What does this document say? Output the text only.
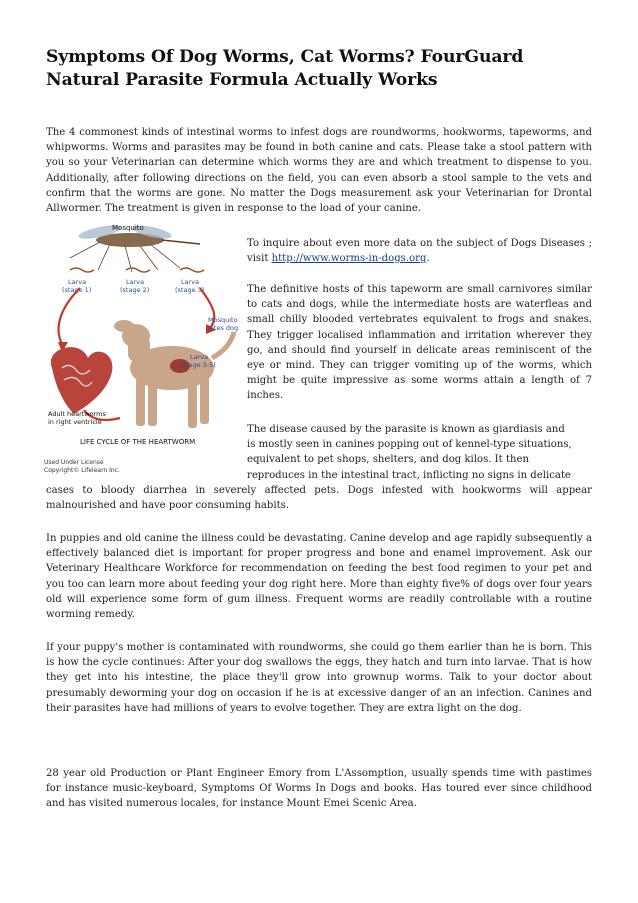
Symptoms Of Dog Worms, Cat Worms? FourGuard Natural Parasite Formula Actually Works

The 4 commonest kinds of intestinal worms to infest dogs are roundworms, hookworms, tapeworms, and whipworms. Worms and parasites may be found in both canine and cats. Please take a stool pattern with you so your Veterinarian can determine which worms they are and which treatment to dispense to you. Additionally, after following directions on the field, you can even absorb a stool sample to the vets and confirm that the worms are gone. No matter the Dogs measurement ask your Veterinarian for Drontal Allwormer. The treatment is given in response to the load of your canine.

Mosquito
Larva
(stage 1)
Larva
(stage 2)
Larva
(stage 3)
Mosquito
bites dog
Larva
(stage 3-5)
Adult heartworms
in right ventricle
LIFE CYCLE OF THE HEARTWORM
Used Under License
Copyright© Lifelearn Inc.

To inquire about even more data on the subject of Dogs Diseases ; visit http://www.worms-in-dogs.org.

The definitive hosts of this tapeworm are small carnivores similar to cats and dogs, while the intermediate hosts are waterfleas and small chilly blooded vertebrates equivalent to frogs and snakes. They trigger localised inflammation and irritation wherever they go, and should find yourself in delicate areas reminiscent of the eye or mind. They can trigger vomiting up of the worms, which might be quite impressive as some worms attain a length of 7 inches.

The disease caused by the parasite is known as giardiasis and
is mostly seen in canines popping out of kennel-type situations,
equivalent to pet shops, shelters, and dog kilos. It then
reproduces in the intestinal tract, inflicting no signs in delicate

cases to bloody diarrhea in severely affected pets. Dogs infested with hookworms will appear malnourished and have poor consuming habits.

In puppies and old canine the illness could be devastating. Canine develop and age rapidly subsequently a effectively balanced diet is important for proper progress and bone and enamel improvement. Ask our Veterinary Healthcare Workforce for recommendation on feeding the best food regimen to your pet and you too can learn more about feeding your dog right here. More than eighty five% of dogs over four years old will experience some form of gum illness. Frequent worms are readily controllable with a routine worming remedy.

If your puppy's mother is contaminated with roundworms, she could go them earlier than he is born. This is how the cycle continues: After your dog swallows the eggs, they hatch and turn into larvae. That is how they get into his intestine, the place they'll grow into grownup worms. Talk to your doctor about presumably deworming your dog on occasion if he is at excessive danger of an an infection. Canines and their parasites have had millions of years to evolve together. They are extra light on the dog.

28 year old Production or Plant Engineer Emory from L'Assomption, usually spends time with pastimes for instance music-keyboard, Symptoms Of Worms In Dogs and books. Has toured ever since childhood and has visited numerous locales, for instance Mount Emei Scenic Area.
